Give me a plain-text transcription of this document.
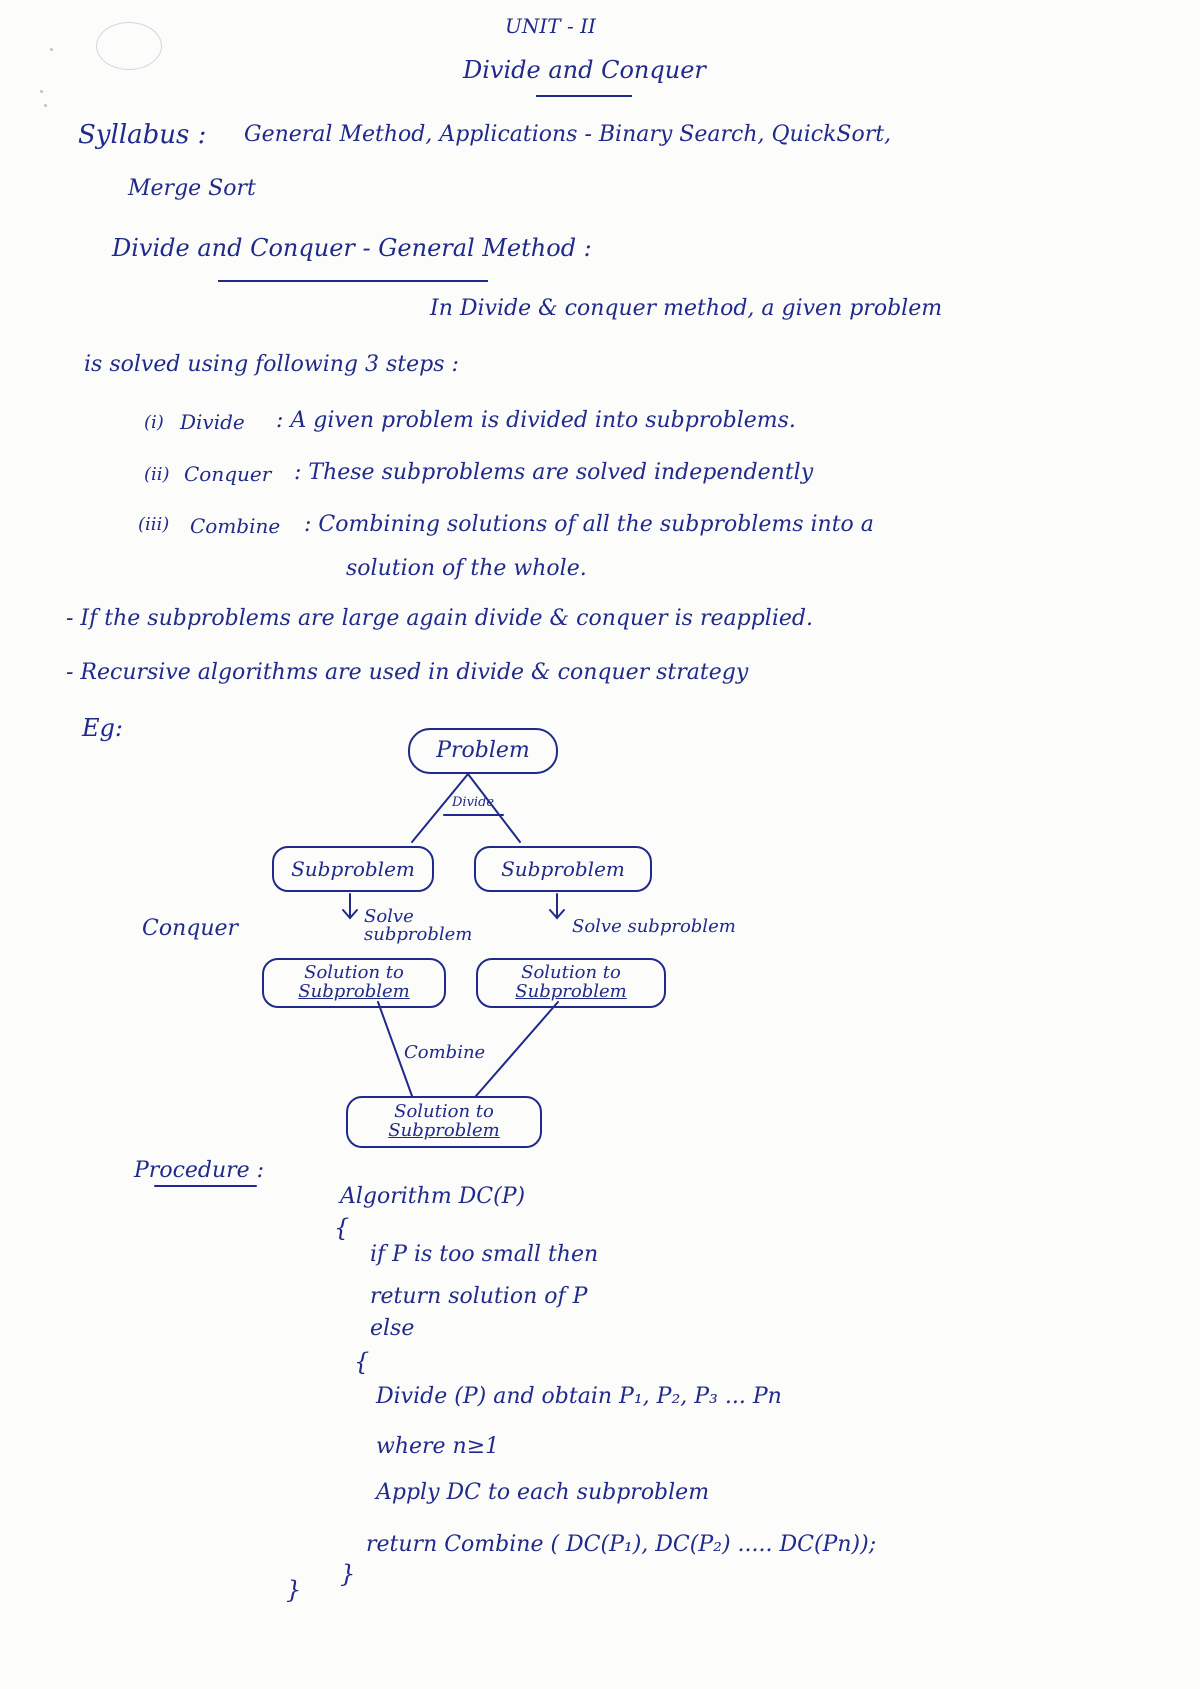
UNIT - II
Divide and Conquer
Syllabus : General Method, Applications - Binary Search, QuickSort,
Merge Sort
Divide and Conquer - General Method :
In Divide & conquer method, a given problem
is solved using following 3 steps :
(i) Divide : A given problem is divided into subproblems.
(ii) Conquer : These subproblems are solved independently
(iii) Combine : Combining solutions of all the subproblems into a
solution of the whole.
- If the subproblems are large again divide & conquer is reapplied.
- Recursive algorithms are used in divide & conquer strategy
Eg:
Problem
Divide
Subproblem	Subproblem
Conquer	Solve subproblem	Solve subproblem
Solution to
Subproblem
Solution to
Subproblem
Combine
Solution to
Subproblem
Procedure :
Algorithm DC(P)
{
if P is too small then
return solution of P
else
{
Divide (P) and obtain P₁, P₂, P₃ ... Pn
where n≥1
Apply DC to each subproblem
return Combine ( DC(P₁), DC(P₂) ..... DC(Pn));
}
}
